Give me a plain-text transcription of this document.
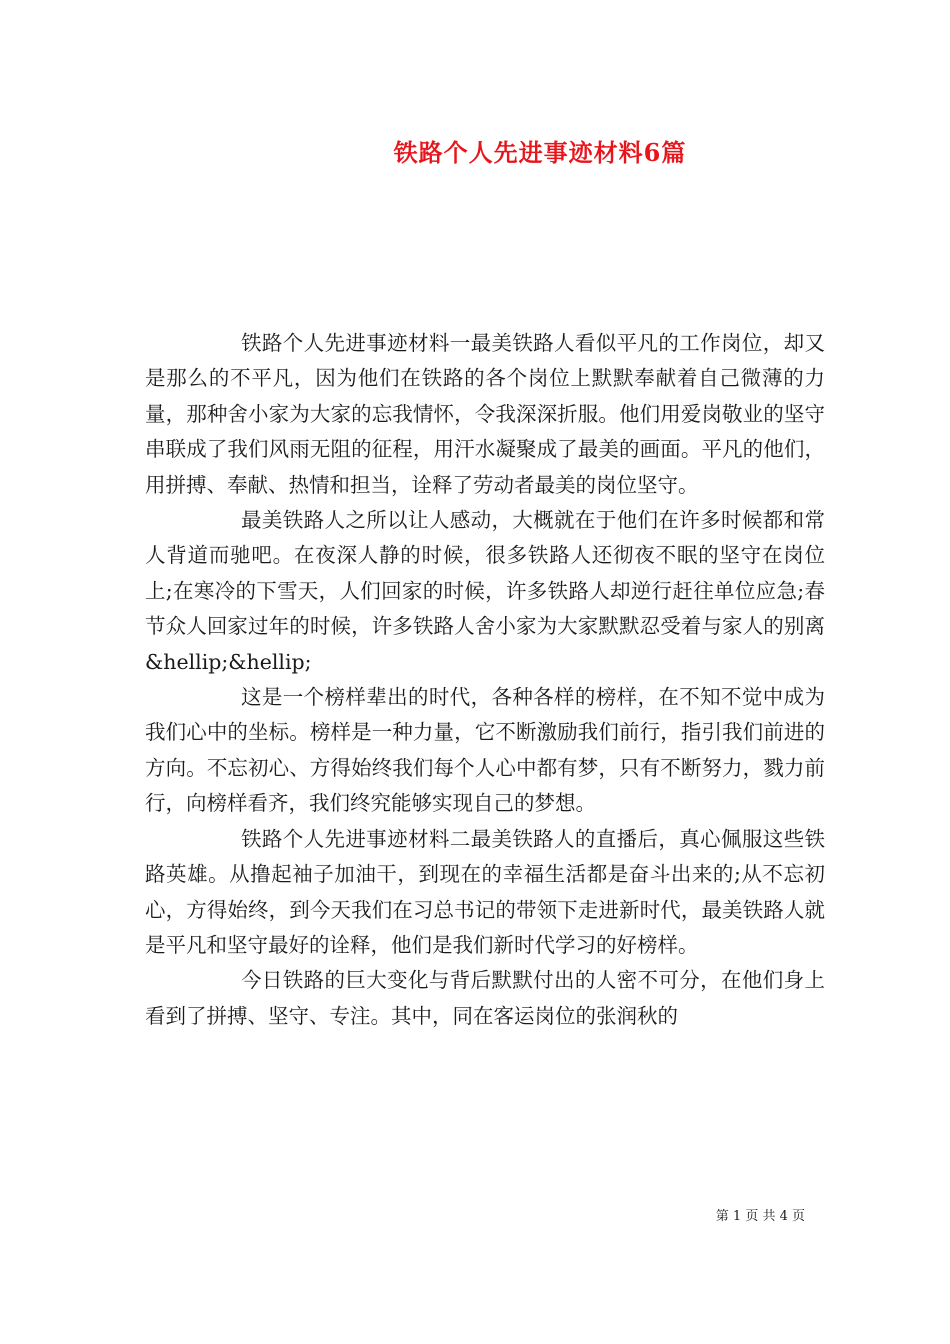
铁路个人先进事迹材料6篇

铁路个人先进事迹材料一最美铁路人看似平凡的工作岗位，却又是那么的不平凡，因为他们在铁路的各个岗位上默默奉献着自己微薄的力量，那种舍小家为大家的忘我情怀，令我深深折服。他们用爱岗敬业的坚守串联成了我们风雨无阻的征程，用汗水凝聚成了最美的画面。平凡的他们，用拼搏、奉献、热情和担当，诠释了劳动者最美的岗位坚守。

最美铁路人之所以让人感动，大概就在于他们在许多时候都和常人背道而驰吧。在夜深人静的时候，很多铁路人还彻夜不眠的坚守在岗位上;在寒冷的下雪天，人们回家的时候，许多铁路人却逆行赶往单位应急;春节众人回家过年的时候，许多铁路人舍小家为大家默默忍受着与家人的别离&hellip;&hellip;

这是一个榜样辈出的时代，各种各样的榜样，在不知不觉中成为我们心中的坐标。榜样是一种力量，它不断激励我们前行，指引我们前进的方向。不忘初心、方得始终我们每个人心中都有梦，只有不断努力，戮力前行，向榜样看齐，我们终究能够实现自己的梦想。

铁路个人先进事迹材料二最美铁路人的直播后，真心佩服这些铁路英雄。从撸起袖子加油干，到现在的幸福生活都是奋斗出来的;从不忘初心，方得始终，到今天我们在习总书记的带领下走进新时代，最美铁路人就是平凡和坚守最好的诠释，他们是我们新时代学习的好榜样。

今日铁路的巨大变化与背后默默付出的人密不可分，在他们身上看到了拼搏、坚守、专注。其中，同在客运岗位的张润秋的

第 1 页 共 4 页
